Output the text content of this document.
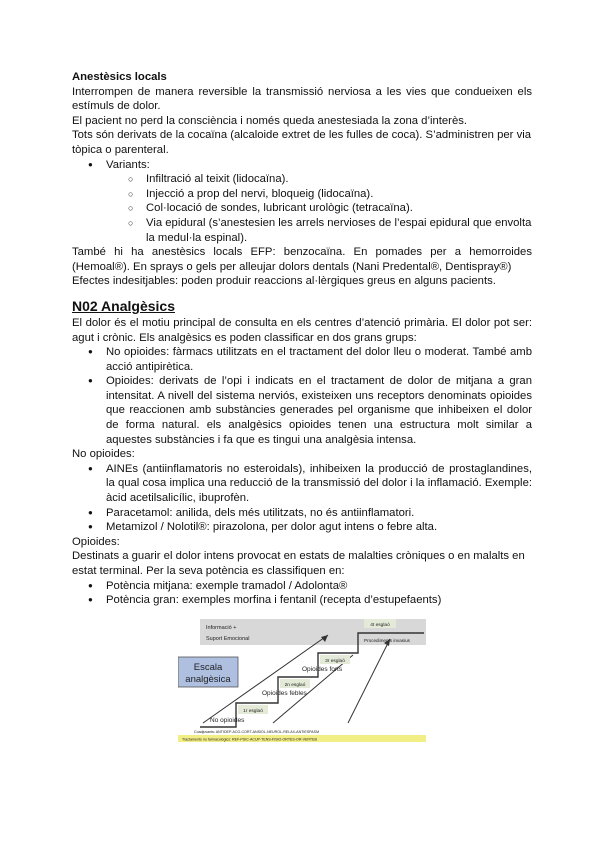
Anestèsics locals

Interrompen de manera reversible la transmissió nerviosa a les vies que condueixen els estímuls de dolor.

El pacient no perd la consciència i només queda anestesiada la zona d’interès.

Tots són derivats de la cocaïna (alcaloide extret de les fulles de coca). S’administren per via tòpica o parenteral.

● Variants:
○ Infiltració al teixit (lidocaïna).
○ Injecció a prop del nervi, bloqueig (lidocaïna).
○ Col·locació de sondes, lubricant urològic (tetracaïna).
○ Via epidural (s’anestesien les arrels nervioses de l’espai epidural que envolta la medul·la espinal).

També hi ha anestèsics locals EFP: benzocaïna. En pomades per a hemorroides (Hemoal®). En sprays o gels per alleujar dolors dentals (Nani Predental®, Dentispray®)

Efectes indesitjables: poden produir reaccions al·lèrgiques greus en alguns pacients.

N02 Analgèsics

El dolor és el motiu principal de consulta en els centres d’atenció primària. El dolor pot ser: agut i crònic. Els analgèsics es poden classificar en dos grans grups:

● No opioides: fàrmacs utilitzats en el tractament del dolor lleu o moderat. També amb acció antipirètica.
● Opioides: derivats de l’opi i indicats en el tractament de dolor de mitjana a gran intensitat. A nivell del sistema nerviós, existeixen uns receptors denominats opioides que reaccionen amb substàncies generades pel organisme que inhibeixen el dolor de forma natural. els analgèsics opioides tenen una estructura molt similar a aquestes substàncies i fa que es tingui una analgèsia intensa.

No opioides:

● AINEs (antiinflamatoris no esteroidals), inhibeixen la producció de prostaglandines, la qual cosa implica una reducció de la transmissió del dolor i la inflamació. Exemple: àcid acetilsalicílic, ibuprofèn.
● Paracetamol: anilida, dels més utilitzats, no és antiinflamatori.
● Metamizol / Nolotil®: pirazolona, per dolor agut intens o febre alta.

Opioides:

Destinats a guarir el dolor intens provocat en estats de malalties cròniques o en malalts en estat terminal. Per la seva potència es classifiquen en:

● Potència mitjana: exemple tramadol / Adolonta®
● Potència gran: exemples morfina i fentanil (recepta d’estupefaents)
Informació +
Suport Emocional
Escala
analgèsica
1r esglaó
2n esglaó
3r esglaó
4t esglaó
Procediments invasius
No opioides
Opioides febles
Opioides forts
Coadjuvants: ANTIDEP-ACO-CORT-ANSIOL-NEUROL-RELAX-ANTIESPASM
Tractaments no farmacològics: REF-PSIC-ACUP-TENS-FISIO-ORTES-OR-VERTEB
